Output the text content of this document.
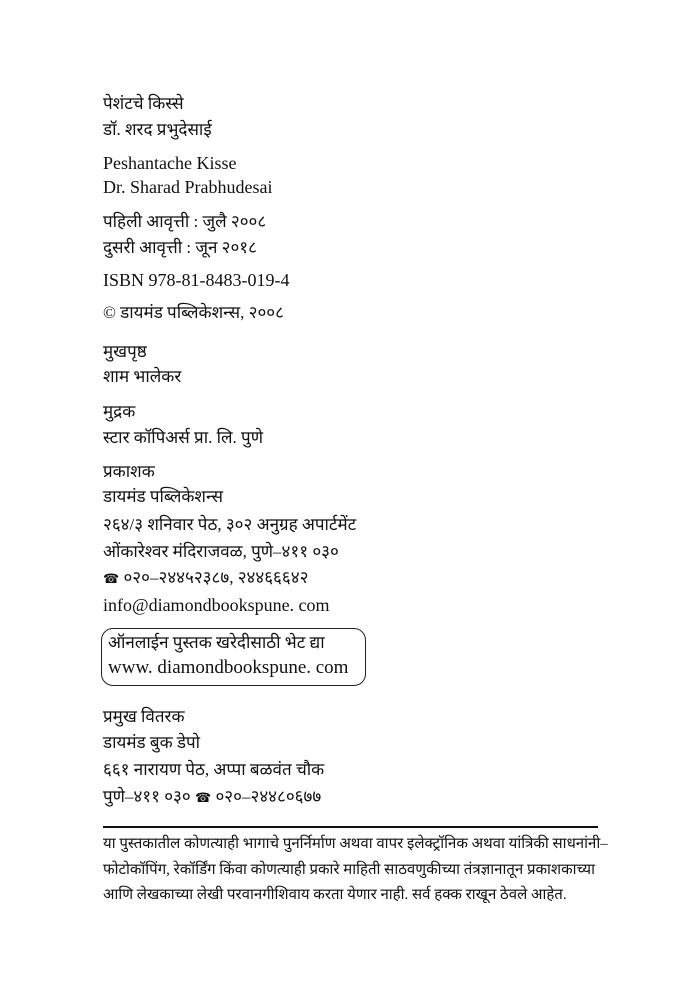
पेशंटचे किस्से
डॉ. शरद प्रभुदेसाई
Peshantache Kisse
Dr. Sharad Prabhudesai
पहिली आवृत्ती : जुलै २००८
दुसरी आवृत्ती : जून २०१८
ISBN 978-81-8483-019-4
© डायमंड पब्लिकेशन्स, २००८
मुखपृष्ठ
शाम भालेकर
मुद्रक
स्टार कॉपिअर्स प्रा. लि. पुणे
प्रकाशक
डायमंड पब्लिकेशन्स
२६४/३ शनिवार पेठ, ३०२ अनुग्रह अपार्टमेंट
ओंकारेश्वर मंदिराजवळ, पुणे–४११ ०३०
☎ ०२०–२४४५२३८७, २४४६६६४२
info@diamondbookspune. com
ऑनलाईन पुस्तक खरेदीसाठी भेट द्या
www. diamondbookspune. com
प्रमुख वितरक
डायमंड बुक डेपो
६६१ नारायण पेठ, अप्पा बळवंत चौक
पुणे–४११ ०३० ☎ ०२०–२४४८०६७७
या पुस्तकातील कोणत्याही भागाचे पुनर्निर्माण अथवा वापर इलेक्ट्रॉनिक अथवा यांत्रिकी साधनांनी–
फोटोकॉपिंग, रेकॉर्डिंग किंवा कोणत्याही प्रकारे माहिती साठवणुकीच्या तंत्रज्ञानातून प्रकाशकाच्या
आणि लेखकाच्या लेखी परवानगीशिवाय करता येणार नाही. सर्व हक्क राखून ठेवले आहेत.
